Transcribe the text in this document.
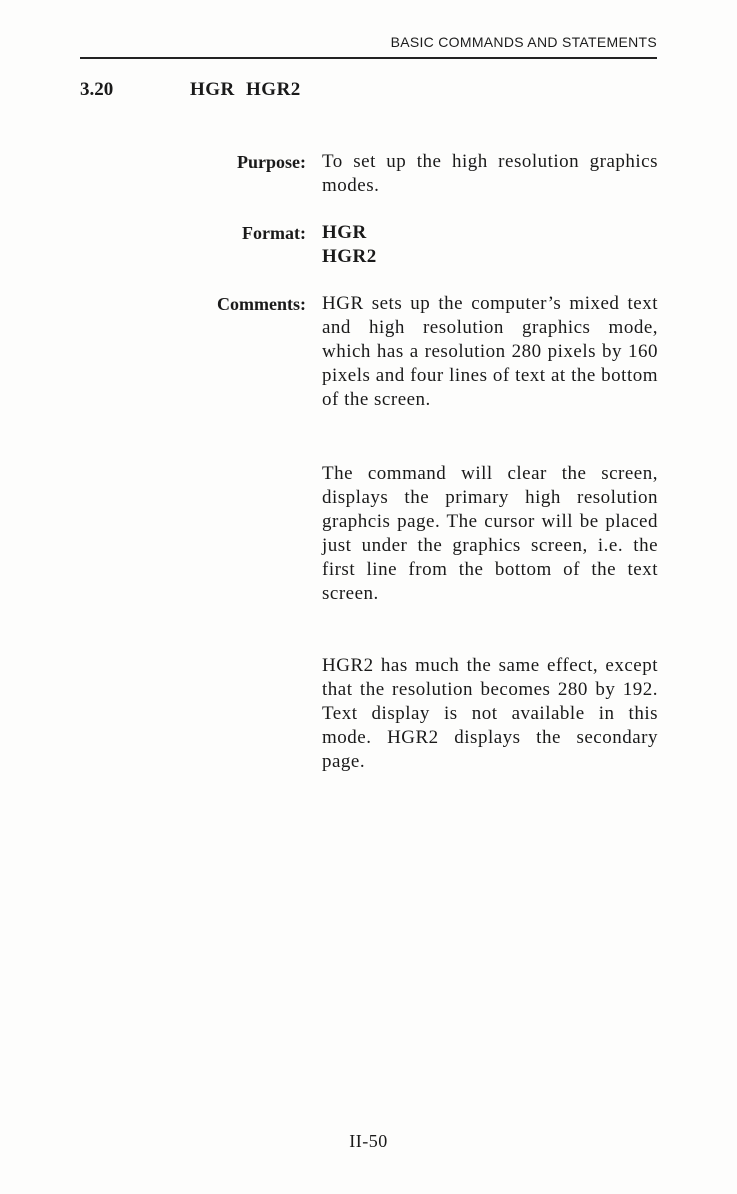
BASIC COMMANDS AND STATEMENTS
3.20	HGR HGR2
Purpose: To set up the high resolution graphics modes.

Format: HGR
HGR2
Comments: HGR sets up the computer’s mixed text and high resolution graphics mode, which has a resolution 280 pixels by 160 pixels and four lines of text at the bottom of the screen.

The command will clear the screen, displays the primary high resolution graphcis page. The cursor will be placed just under the graphics screen, i.e. the first line from the bottom of the text screen.

HGR2 has much the same effect, except that the resolution becomes 280 by 192. Text display is not available in this mode. HGR2 displays the secondary page.

II-50
